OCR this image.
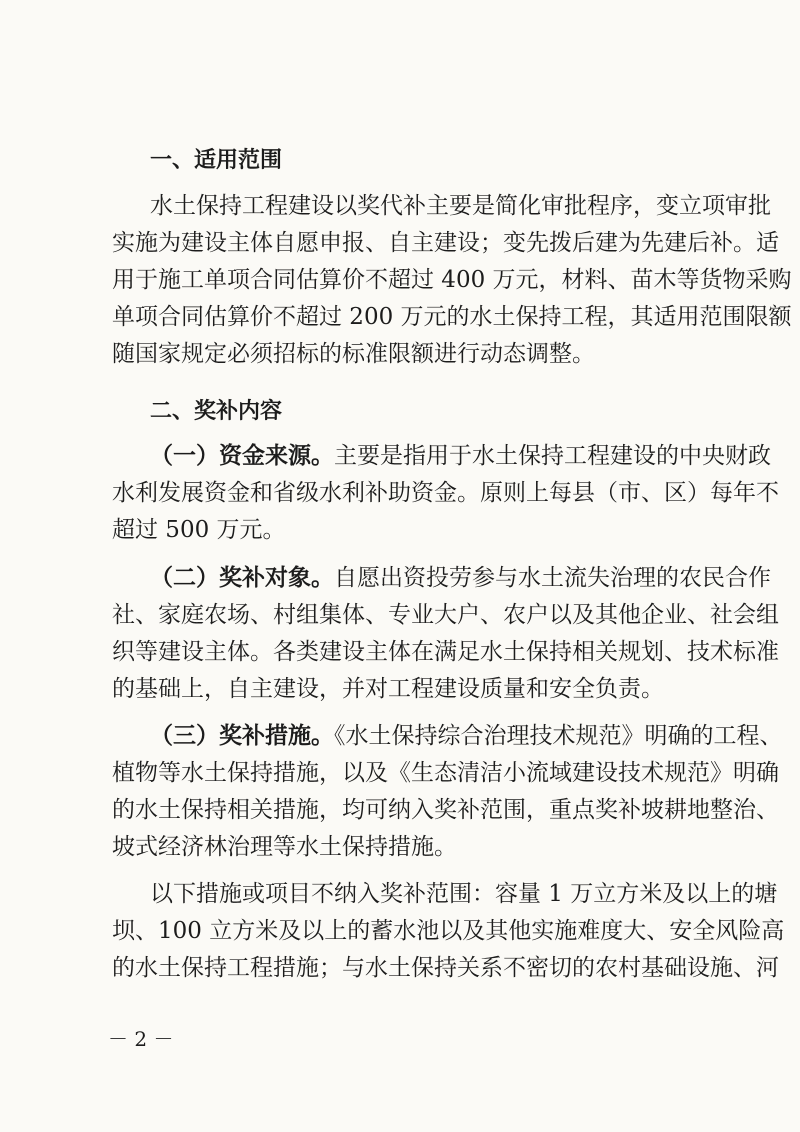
一、适用范围

水土保持工程建设以奖代补主要是简化审批程序，变立项审批

实施为建设主体自愿申报、自主建设；变先拨后建为先建后补。适

用于施工单项合同估算价不超过 400 万元，材料、苗木等货物采购

单项合同估算价不超过 200 万元的水土保持工程，其适用范围限额

随国家规定必须招标的标准限额进行动态调整。

二、奖补内容

（一）资金来源。主要是指用于水土保持工程建设的中央财政

水利发展资金和省级水利补助资金。原则上每县（市、区）每年不

超过 500 万元。

（二）奖补对象。自愿出资投劳参与水土流失治理的农民合作

社、家庭农场、村组集体、专业大户、农户以及其他企业、社会组

织等建设主体。各类建设主体在满足水土保持相关规划、技术标准

的基础上，自主建设，并对工程建设质量和安全负责。

（三）奖补措施。《水土保持综合治理技术规范》明确的工程、

植物等水土保持措施，以及《生态清洁小流域建设技术规范》明确

的水土保持相关措施，均可纳入奖补范围，重点奖补坡耕地整治、

坡式经济林治理等水土保持措施。

以下措施或项目不纳入奖补范围：容量 1 万立方米及以上的塘

坝、100 立方米及以上的蓄水池以及其他实施难度大、安全风险高

的水土保持工程措施；与水土保持关系不密切的农村基础设施、河

－ 2 －
